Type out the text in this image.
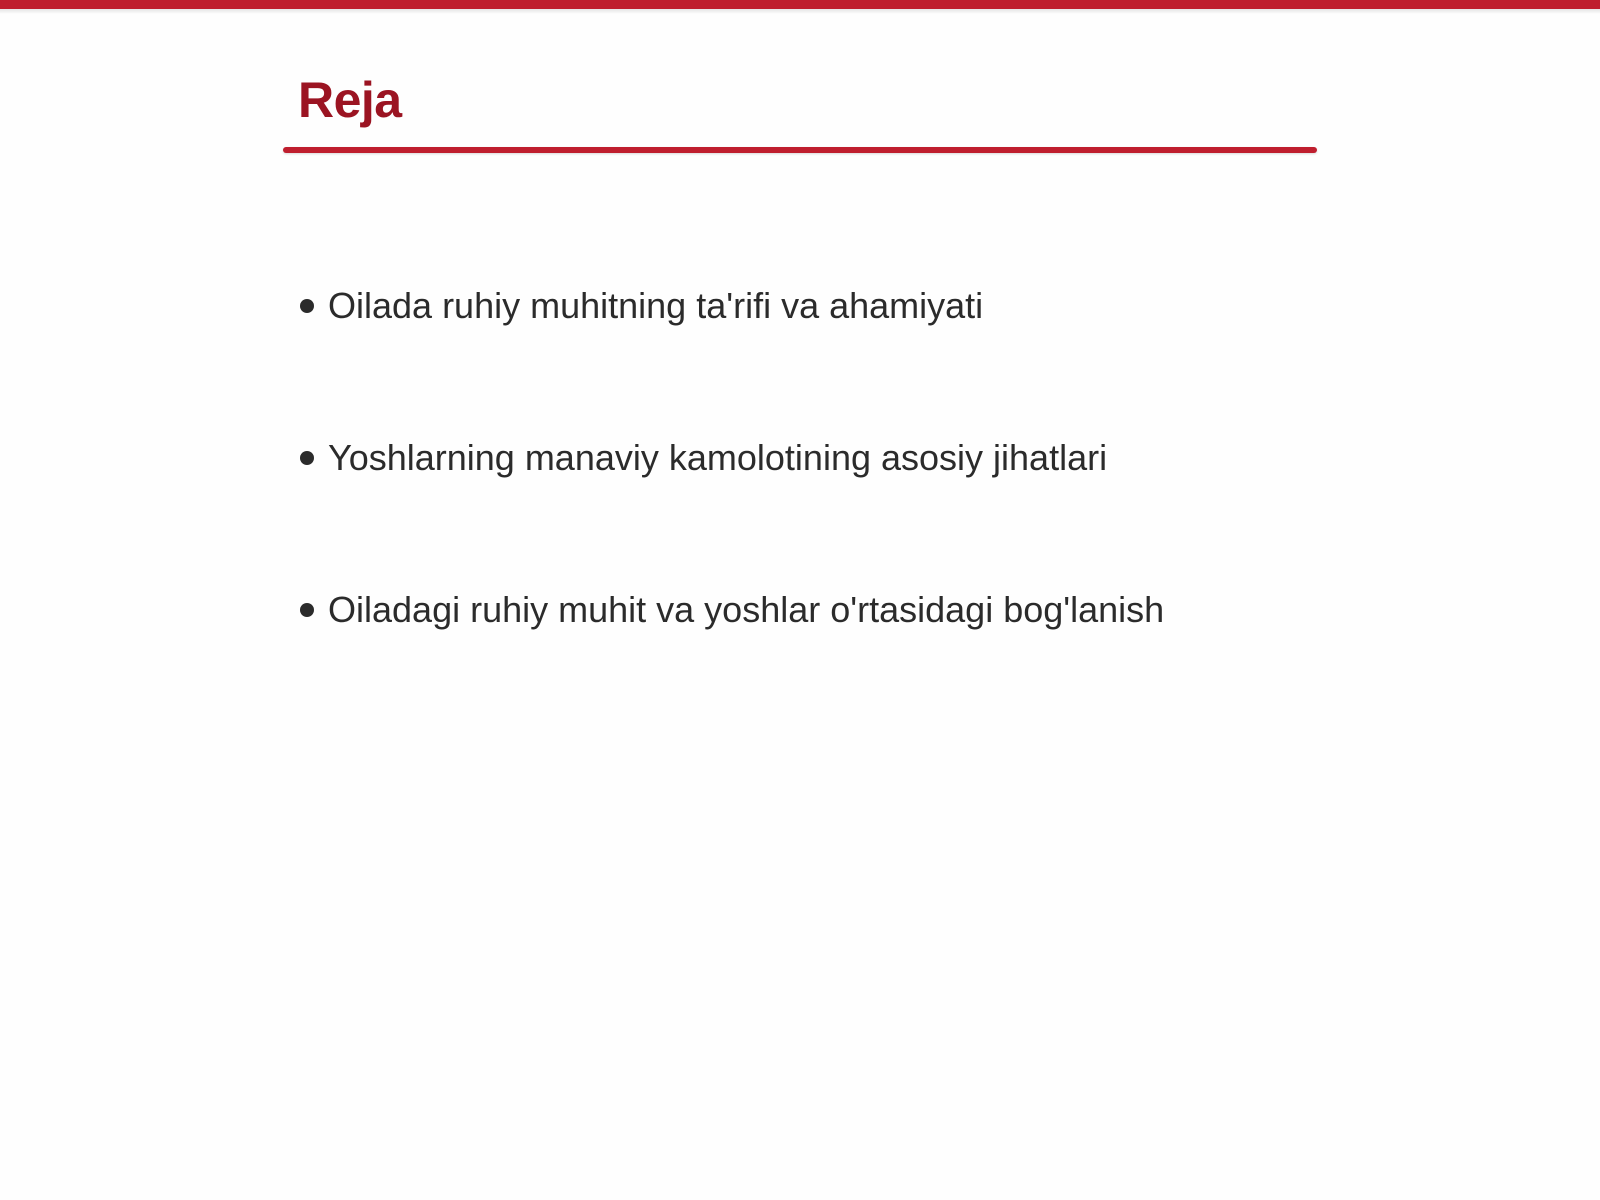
Reja
Oilada ruhiy muhitning ta'rifi va ahamiyati
Yoshlarning manaviy kamolotining asosiy jihatlari
Oiladagi ruhiy muhit va yoshlar o'rtasidagi bog'lanish
